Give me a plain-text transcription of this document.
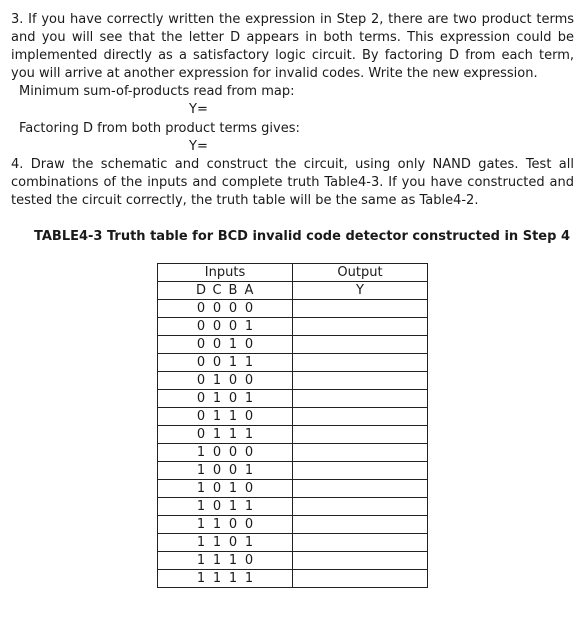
3. If you have correctly written the expression in Step 2, there are two product terms and you will see that the letter D appears in both terms. This expression could be implemented directly as a satisfactory logic circuit. By factoring D from each term, you will arrive at another expression for invalid codes. Write the new expression.

Minimum sum-of-products read from map:
Y=
Factoring D from both product terms gives:
Y=

4. Draw the schematic and construct the circuit, using only NAND gates. Test all combinations of the inputs and complete truth Table4-3. If you have constructed and tested the circuit correctly, the truth table will be the same as Table4-2.

TABLE4-3 Truth table for BCD invalid code detector constructed in Step 4
Inputs	Output
D C B A	Y
0 0 0 0	
0 0 0 1	
0 0 1 0	
0 0 1 1	
0 1 0 0	
0 1 0 1	
0 1 1 0	
0 1 1 1	
1 0 0 0	
1 0 0 1	
1 0 1 0	
1 0 1 1	
1 1 0 0	
1 1 0 1	
1 1 1 0	
1 1 1 1	
